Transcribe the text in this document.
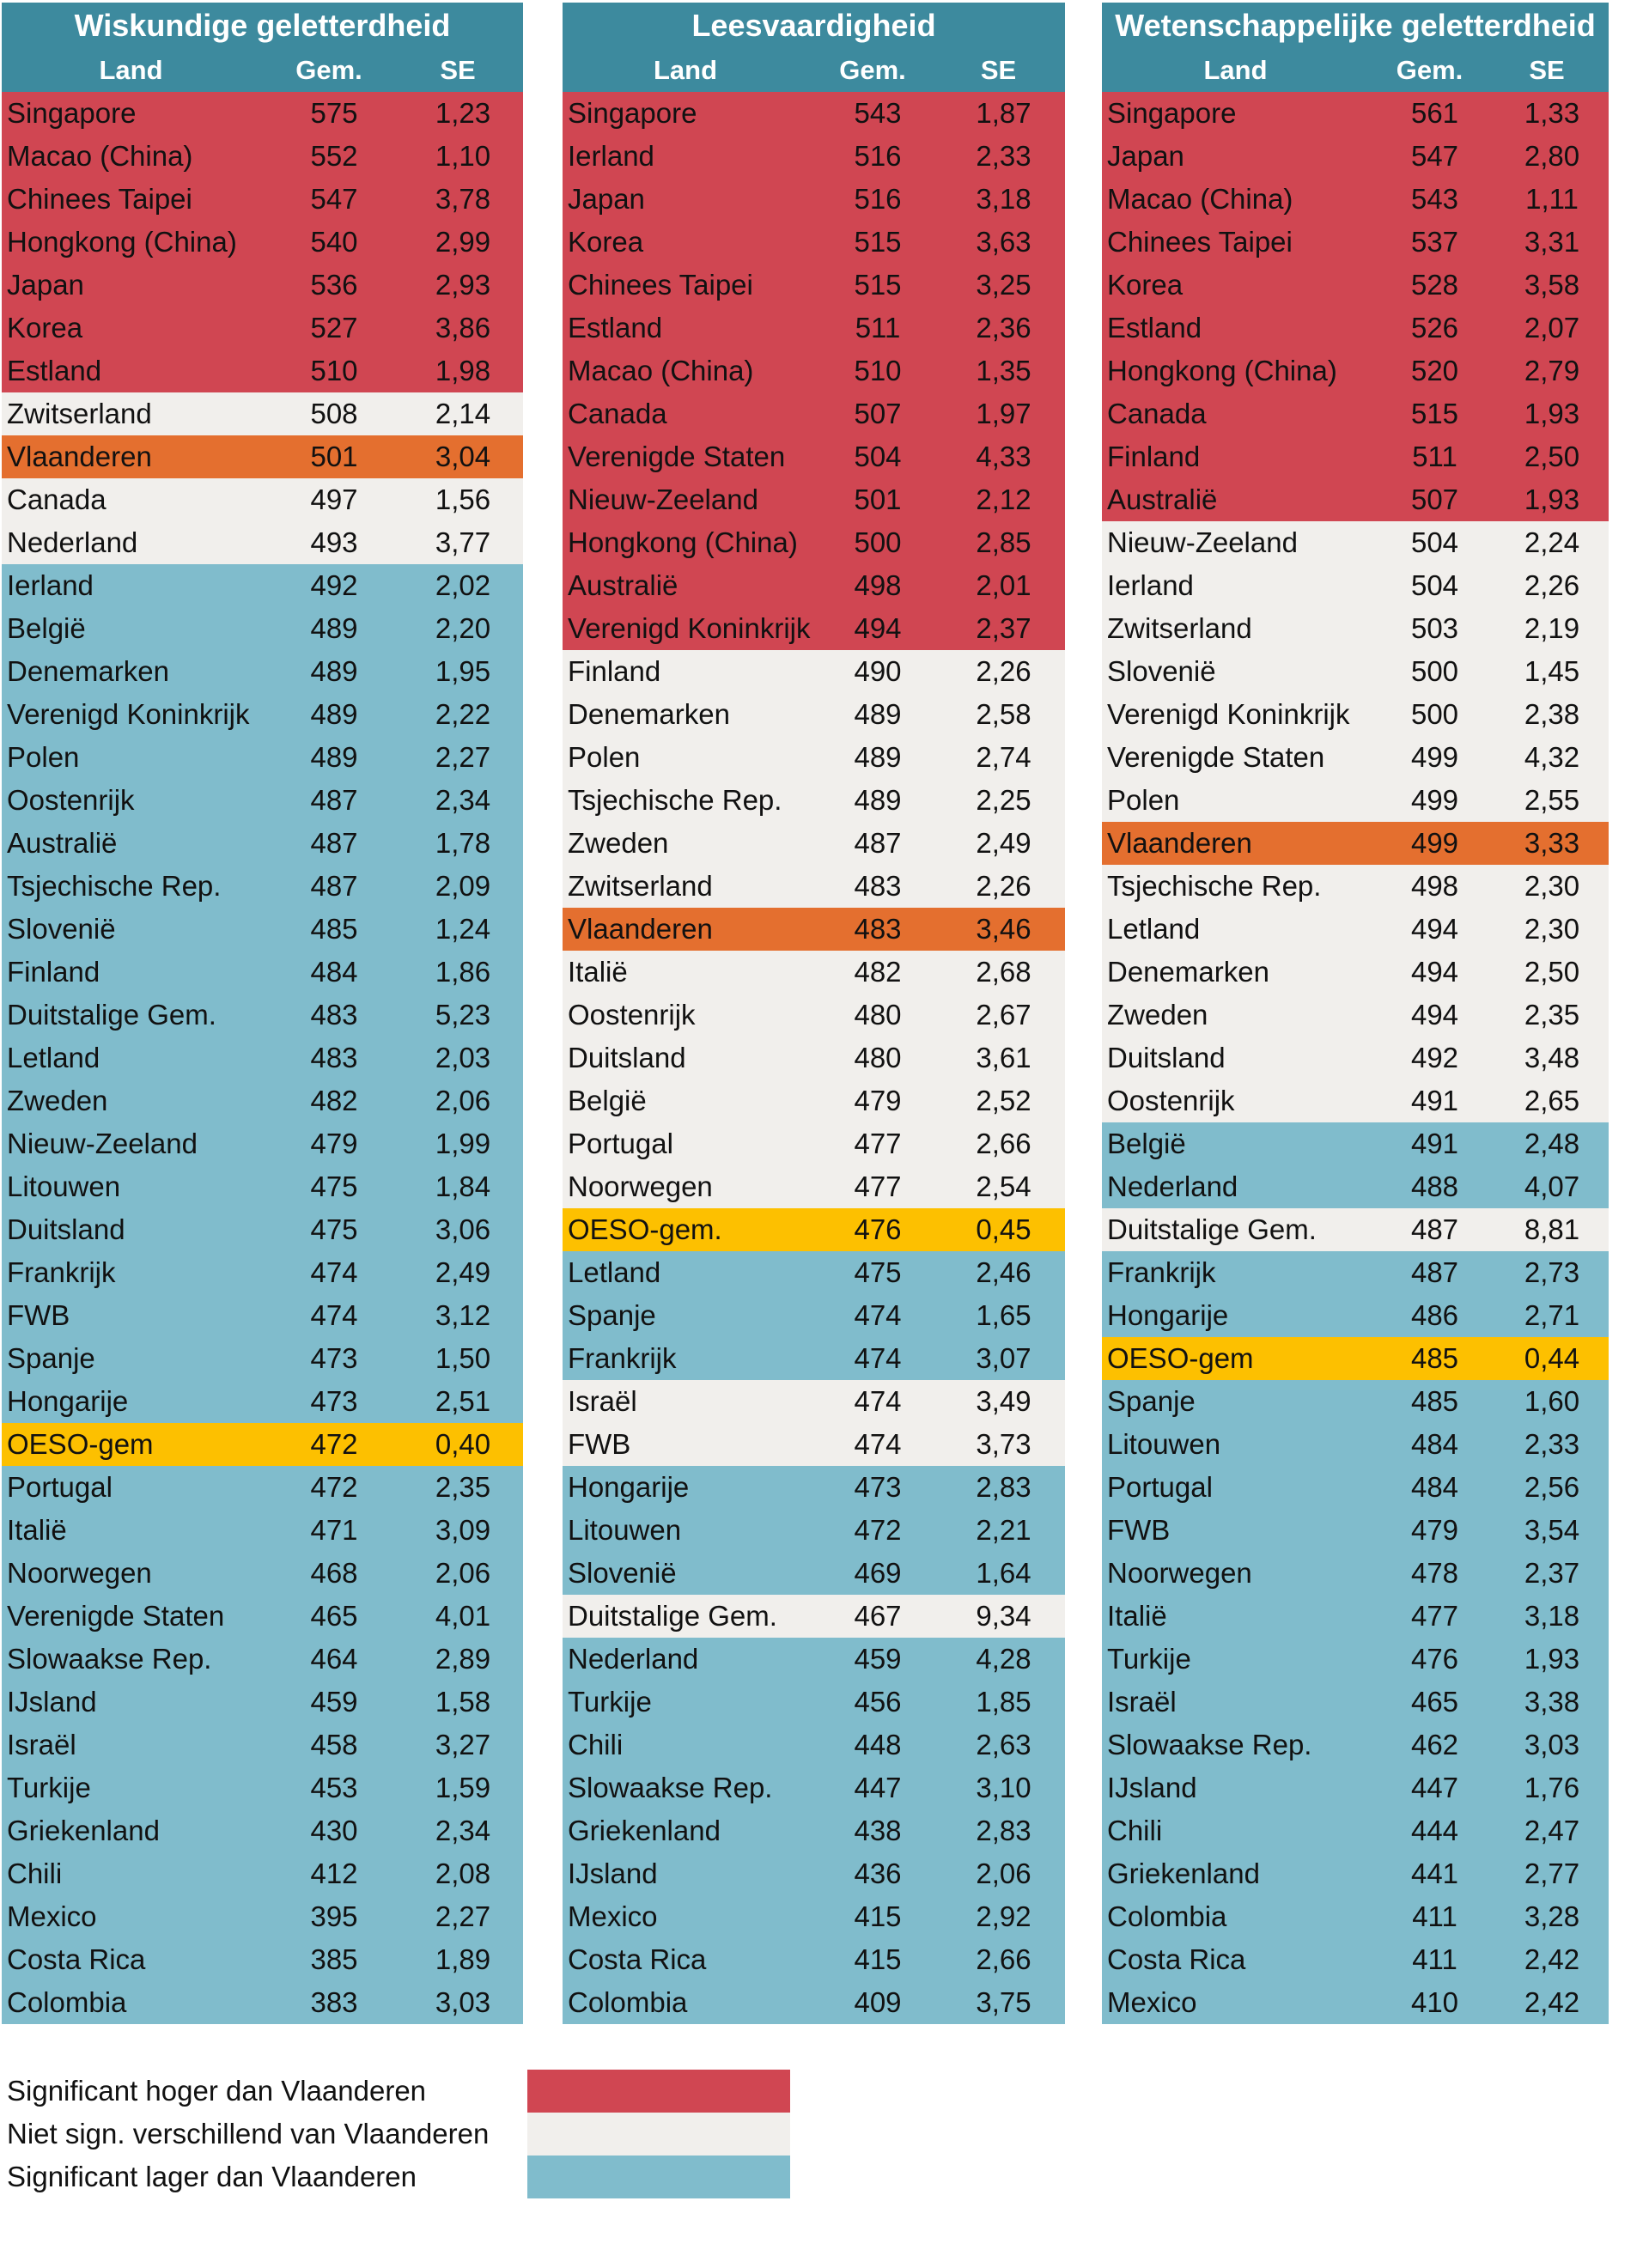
Wiskundige geletterdheid
Land	Gem.	SE
Singapore	575	1,23
Macao (China)	552	1,10
Chinees Taipei	547	3,78
Hongkong (China)	540	2,99
Japan	536	2,93
Korea	527	3,86
Estland	510	1,98
Zwitserland	508	2,14
Vlaanderen	501	3,04
Canada	497	1,56
Nederland	493	3,77
Ierland	492	2,02
België	489	2,20
Denemarken	489	1,95
Verenigd Koninkrijk	489	2,22
Polen	489	2,27
Oostenrijk	487	2,34
Australië	487	1,78
Tsjechische Rep.	487	2,09
Slovenië	485	1,24
Finland	484	1,86
Duitstalige Gem.	483	5,23
Letland	483	2,03
Zweden	482	2,06
Nieuw-Zeeland	479	1,99
Litouwen	475	1,84
Duitsland	475	3,06
Frankrijk	474	2,49
FWB	474	3,12
Spanje	473	1,50
Hongarije	473	2,51
OESO-gem	472	0,40
Portugal	472	2,35
Italië	471	3,09
Noorwegen	468	2,06
Verenigde Staten	465	4,01
Slowaakse Rep.	464	2,89
IJsland	459	1,58
Israël	458	3,27
Turkije	453	1,59
Griekenland	430	2,34
Chili	412	2,08
Mexico	395	2,27
Costa Rica	385	1,89
Colombia	383	3,03
Leesvaardigheid
Land	Gem.	SE
Singapore	543	1,87
Ierland	516	2,33
Japan	516	3,18
Korea	515	3,63
Chinees Taipei	515	3,25
Estland	511	2,36
Macao (China)	510	1,35
Canada	507	1,97
Verenigde Staten	504	4,33
Nieuw-Zeeland	501	2,12
Hongkong (China)	500	2,85
Australië	498	2,01
Verenigd Koninkrijk	494	2,37
Finland	490	2,26
Denemarken	489	2,58
Polen	489	2,74
Tsjechische Rep.	489	2,25
Zweden	487	2,49
Zwitserland	483	2,26
Vlaanderen	483	3,46
Italië	482	2,68
Oostenrijk	480	2,67
Duitsland	480	3,61
België	479	2,52
Portugal	477	2,66
Noorwegen	477	2,54
OESO-gem.	476	0,45
Letland	475	2,46
Spanje	474	1,65
Frankrijk	474	3,07
Israël	474	3,49
FWB	474	3,73
Hongarije	473	2,83
Litouwen	472	2,21
Slovenië	469	1,64
Duitstalige Gem.	467	9,34
Nederland	459	4,28
Turkije	456	1,85
Chili	448	2,63
Slowaakse Rep.	447	3,10
Griekenland	438	2,83
IJsland	436	2,06
Mexico	415	2,92
Costa Rica	415	2,66
Colombia	409	3,75
Wetenschappelijke geletterdheid
Land	Gem.	SE
Singapore	561	1,33
Japan	547	2,80
Macao (China)	543	1,11
Chinees Taipei	537	3,31
Korea	528	3,58
Estland	526	2,07
Hongkong (China)	520	2,79
Canada	515	1,93
Finland	511	2,50
Australië	507	1,93
Nieuw-Zeeland	504	2,24
Ierland	504	2,26
Zwitserland	503	2,19
Slovenië	500	1,45
Verenigd Koninkrijk	500	2,38
Verenigde Staten	499	4,32
Polen	499	2,55
Vlaanderen	499	3,33
Tsjechische Rep.	498	2,30
Letland	494	2,30
Denemarken	494	2,50
Zweden	494	2,35
Duitsland	492	3,48
Oostenrijk	491	2,65
België	491	2,48
Nederland	488	4,07
Duitstalige Gem.	487	8,81
Frankrijk	487	2,73
Hongarije	486	2,71
OESO-gem	485	0,44
Spanje	485	1,60
Litouwen	484	2,33
Portugal	484	2,56
FWB	479	3,54
Noorwegen	478	2,37
Italië	477	3,18
Turkije	476	1,93
Israël	465	3,38
Slowaakse Rep.	462	3,03
IJsland	447	1,76
Chili	444	2,47
Griekenland	441	2,77
Colombia	411	3,28
Costa Rica	411	2,42
Mexico	410	2,42
Significant hoger dan Vlaanderen
Niet sign. verschillend van Vlaanderen
Significant lager dan Vlaanderen
